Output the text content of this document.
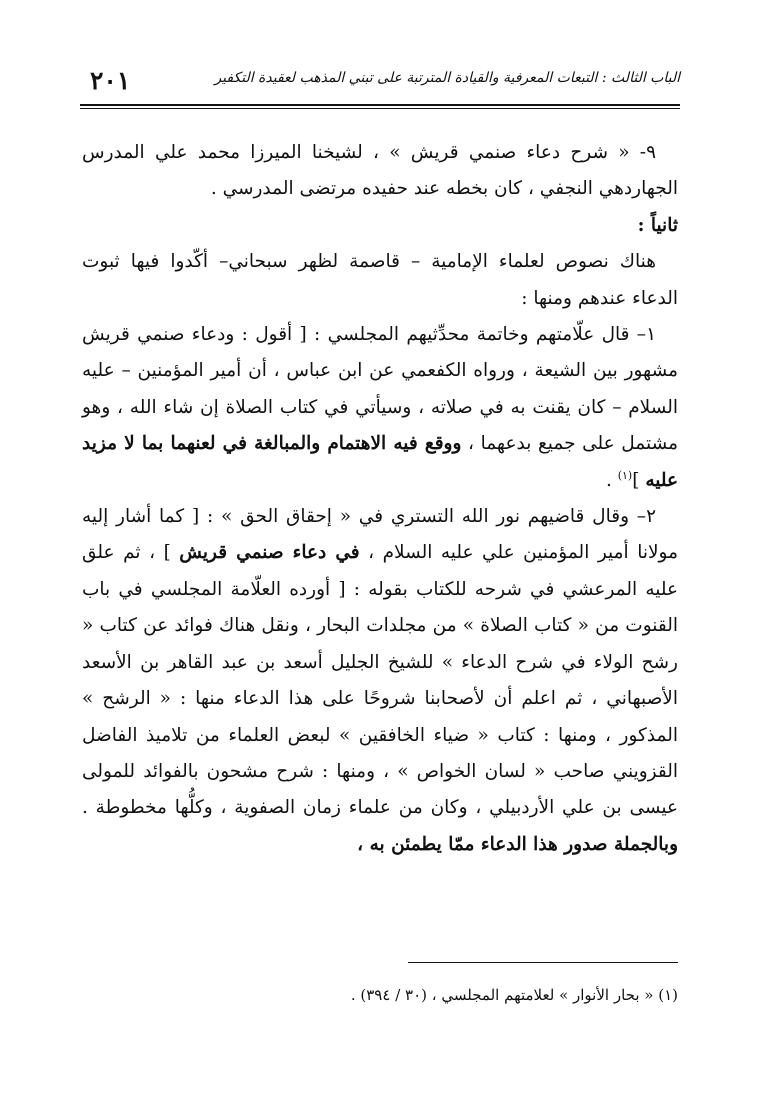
الباب الثالث : التبعات المعرفية والقيادة المترتبة على تبني المذهب لعقيدة التكفير
٢٠١

٩- « شرح دعاء صنمي قريش » ، لشيخنا الميرزا محمد علي المدرس الجهاردهي النجفي ، كان بخطه عند حفيده مرتضى المدرسي .

ثانياً :

هناك نصوص لعلماء الإمامية – قاصمة لظهر سبحاني– أكّدوا فيها ثبوت الدعاء عندهم ومنها :

١– قال علّامتهم وخاتمة محدِّثيهم المجلسي : [ أقول : ودعاء صنمي قريش مشهور بين الشيعة ، ورواه الكفعمي عن ابن عباس ، أن أمير المؤمنين – عليه السلام – كان يقنت به في صلاته ، وسيأتي في كتاب الصلاة إن شاء الله ، وهو مشتمل على جميع بدعهما ، ووقع فيه الاهتمام والمبالغة في لعنهما بما لا مزيد عليه ]$^{(١)}$ .

٢– وقال قاضيهم نور الله التستري في « إحقاق الحق » : [ كما أشار إليه مولانا أمير المؤمنين علي عليه السلام ، في دعاء صنمي قريش ] ، ثم علق عليه المرعشي في شرحه للكتاب بقوله : [ أورده العلّامة المجلسي في باب القنوت من « كتاب الصلاة » من مجلدات البحار ، ونقل هناك فوائد عن كتاب « رشح الولاء في شرح الدعاء » للشيخ الجليل أسعد بن عبد القاهر بن الأسعد الأصبهاني ، ثم اعلم أن لأصحابنا شروحًا على هذا الدعاء منها : « الرشح » المذكور ، ومنها : كتاب « ضياء الخافقين » لبعض العلماء من تلاميذ الفاضل القزويني صاحب « لسان الخواص » ، ومنها : شرح مشحون بالفوائد للمولى عيسى بن علي الأردبيلي ، وكان من علماء زمان الصفوية ، وكلُّها مخطوطة . وبالجملة صدور هذا الدعاء ممّا يطمئن به ،

(١) « بحار الأنوار » لعلامتهم المجلسي ، (٣٠ / ٣٩٤) .
